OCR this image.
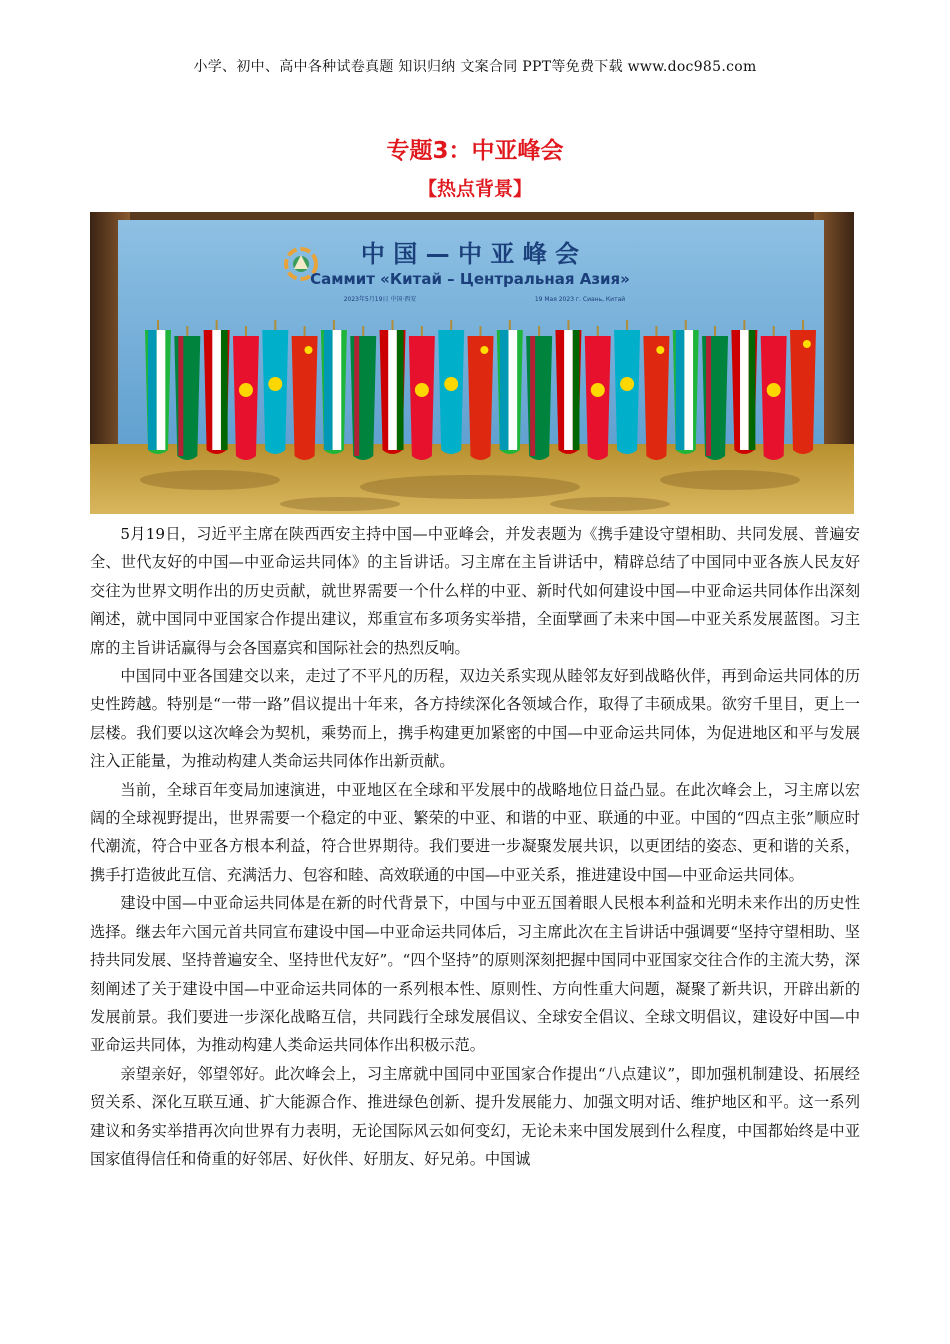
小学、初中、高中各种试卷真题 知识归纳 文案合同 PPT等免费下载 www.doc985.com
专题3：中亚峰会
【热点背景】
中 国 — 中 亚 峰 会
Саммит «Китай – Центральная Азия»
2023年5月19日 中国·西安	19 Мая 2023 г. Сиань, Китай

5月19日，习近平主席在陕西西安主持中国—中亚峰会，并发表题为《携手建设守望相助、共同发展、普遍安全、世代友好的中国—中亚命运共同体》的主旨讲话。习主席在主旨讲话中，精辟总结了中国同中亚各族人民友好交往为世界文明作出的历史贡献，就世界需要一个什么样的中亚、新时代如何建设中国—中亚命运共同体作出深刻阐述，就中国同中亚国家合作提出建议，郑重宣布多项务实举措，全面擘画了未来中国—中亚关系发展蓝图。习主席的主旨讲话赢得与会各国嘉宾和国际社会的热烈反响。

中国同中亚各国建交以来，走过了不平凡的历程，双边关系实现从睦邻友好到战略伙伴，再到命运共同体的历史性跨越。特别是“一带一路”倡议提出十年来，各方持续深化各领域合作，取得了丰硕成果。欲穷千里目，更上一层楼。我们要以这次峰会为契机，乘势而上，携手构建更加紧密的中国—中亚命运共同体，为促进地区和平与发展注入正能量，为推动构建人类命运共同体作出新贡献。

当前，全球百年变局加速演进，中亚地区在全球和平发展中的战略地位日益凸显。在此次峰会上，习主席以宏阔的全球视野提出，世界需要一个稳定的中亚、繁荣的中亚、和谐的中亚、联通的中亚。中国的“四点主张”顺应时代潮流，符合中亚各方根本利益，符合世界期待。我们要进一步凝聚发展共识，以更团结的姿态、更和谐的关系，携手打造彼此互信、充满活力、包容和睦、高效联通的中国—中亚关系，推进建设中国—中亚命运共同体。

建设中国—中亚命运共同体是在新的时代背景下，中国与中亚五国着眼人民根本利益和光明未来作出的历史性选择。继去年六国元首共同宣布建设中国—中亚命运共同体后，习主席此次在主旨讲话中强调要“坚持守望相助、坚持共同发展、坚持普遍安全、坚持世代友好”。“四个坚持”的原则深刻把握中国同中亚国家交往合作的主流大势，深刻阐述了关于建设中国—中亚命运共同体的一系列根本性、原则性、方向性重大问题，凝聚了新共识，开辟出新的发展前景。我们要进一步深化战略互信，共同践行全球发展倡议、全球安全倡议、全球文明倡议，建设好中国—中亚命运共同体，为推动构建人类命运共同体作出积极示范。

亲望亲好，邻望邻好。此次峰会上，习主席就中国同中亚国家合作提出“八点建议”，即加强机制建设、拓展经贸关系、深化互联互通、扩大能源合作、推进绿色创新、提升发展能力、加强文明对话、维护地区和平。这一系列建议和务实举措再次向世界有力表明，无论国际风云如何变幻，无论未来中国发展到什么程度，中国都始终是中亚国家值得信任和倚重的好邻居、好伙伴、好朋友、好兄弟。中国诚
